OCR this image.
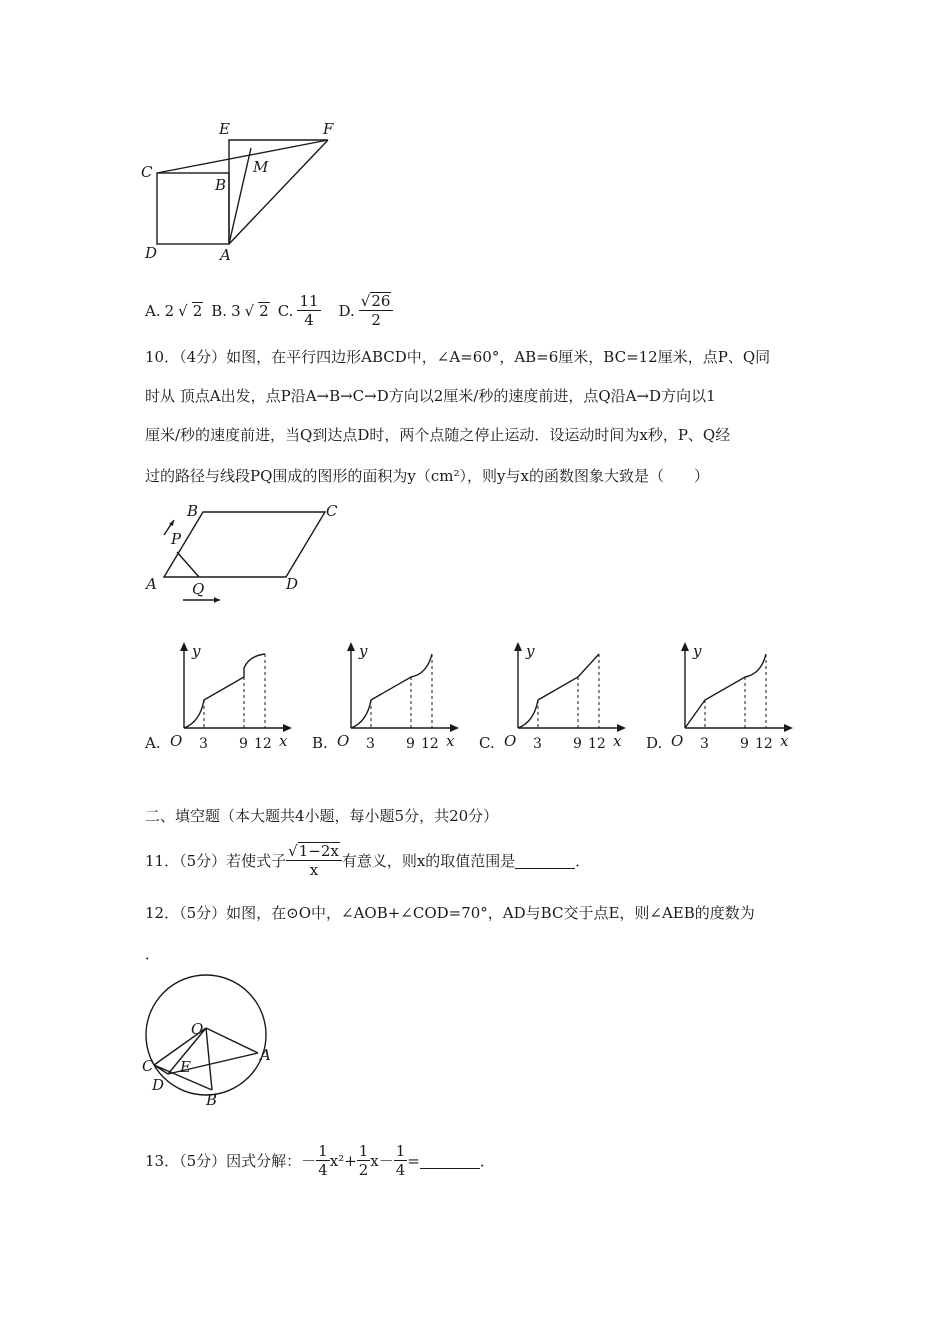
E	F
C
B
M
D	A
A. 2 √ 2 B. 3 √ 2 C. $\frac{11}{4} D$. $\frac{√26}{2}$
10．（4分）如图，在平行四边形ABCD中，∠A=60°，AB=6厘米，BC=12厘米，点P、Q同
时从 顶点A出发，点P沿A→B→C→D方向以2厘米/秒的速度前进，点Q沿A→D方向以1
厘米/秒的速度前进，当Q到达点D时，两个点随之停止运动．设运动时间为x秒，P、Q经
过的路径与线段PQ围成的图形的面积为y（cm²），则y与x的函数图象大致是（　　）
B	C
P
A Q	D
A.
y
x
O 3 9 12	B.
y
x
O 3 9 12	C.
y
x
O 3 9 12	D.
y
x
O 3 9 12
二、填空题（本大题共4小题，每小题5分，共20分）
11．（5分）若使式子 $\frac{√1-2x}{x}$ 有意义，则x的取值范围是	．
12．（5分）如图，在⊙O中，∠AOB+∠COD=70°，AD与BC交于点E，则∠AEB的度数为
．
O
A
C E
D
B
13．（5分）因式分解：－ $\frac{1}{4} x^2+ \frac{1}{2} x- \frac{1}{4}$ =	．
